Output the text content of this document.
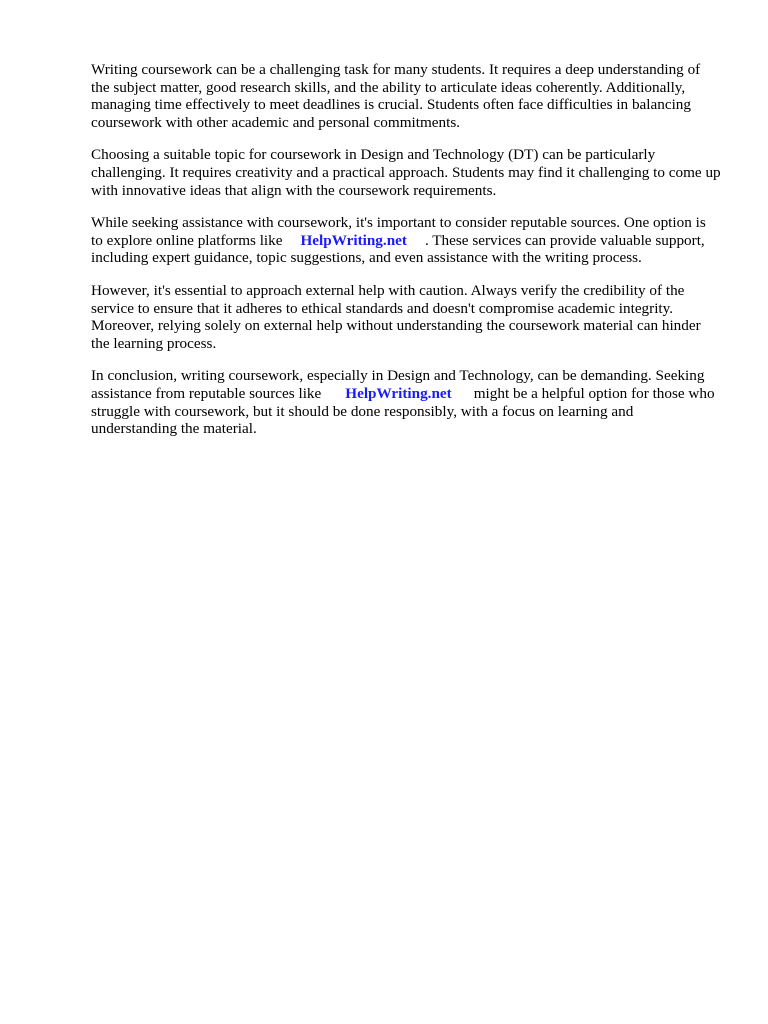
Writing coursework can be a challenging task for many students. It requires a deep understanding of the subject matter, good research skills, and the ability to articulate ideas coherently. Additionally, managing time effectively to meet deadlines is crucial. Students often face difficulties in balancing coursework with other academic and personal commitments.

Choosing a suitable topic for coursework in Design and Technology (DT) can be particularly challenging. It requires creativity and a practical approach. Students may find it challenging to come up with innovative ideas that align with the coursework requirements.

While seeking assistance with coursework, it's important to consider reputable sources. One option is to explore online platforms like HelpWriting.net . These services can provide valuable support, including expert guidance, topic suggestions, and even assistance with the writing process.

However, it's essential to approach external help with caution. Always verify the credibility of the service to ensure that it adheres to ethical standards and doesn't compromise academic integrity. Moreover, relying solely on external help without understanding the coursework material can hinder the learning process.

In conclusion, writing coursework, especially in Design and Technology, can be demanding. Seeking assistance from reputable sources like HelpWriting.net might be a helpful option for those who struggle with coursework, but it should be done responsibly, with a focus on learning and understanding the material.
